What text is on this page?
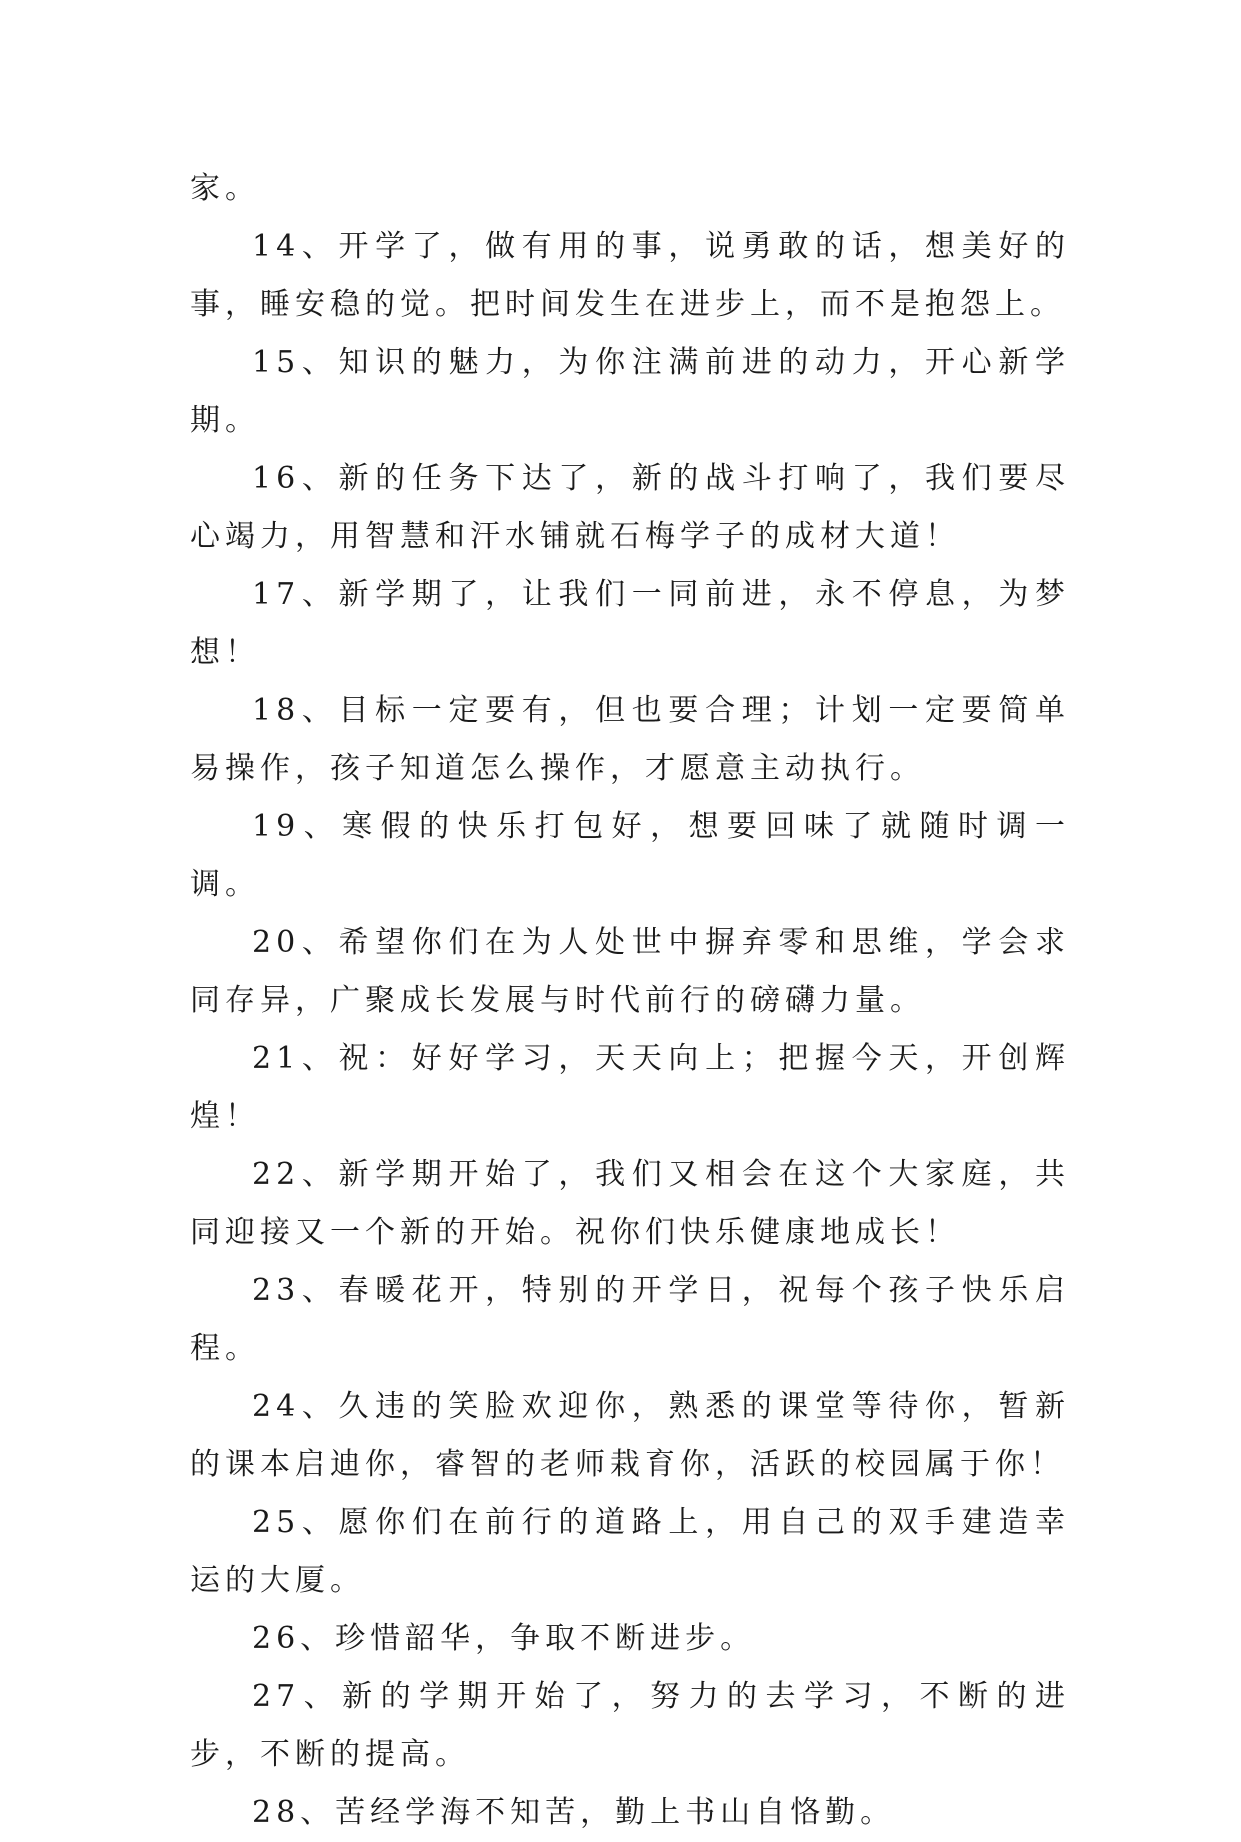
家。

14、开学了，做有用的事，说勇敢的话，想美好的事，睡安稳的觉。把时间发生在进步上，而不是抱怨上。

15、知识的魅力，为你注满前进的动力，开心新学期。

16、新的任务下达了，新的战斗打响了，我们要尽心竭力，用智慧和汗水铺就石梅学子的成材大道！

17、新学期了，让我们一同前进，永不停息，为梦想！

18、目标一定要有，但也要合理；计划一定要简单易操作，孩子知道怎么操作，才愿意主动执行。

19、寒假的快乐打包好，想要回味了就随时调一调。

20、希望你们在为人处世中摒弃零和思维，学会求同存异，广聚成长发展与时代前行的磅礴力量。

21、祝：好好学习，天天向上；把握今天，开创辉煌！

22、新学期开始了，我们又相会在这个大家庭，共同迎接又一个新的开始。祝你们快乐健康地成长！

23、春暖花开，特别的开学日，祝每个孩子快乐启程。

24、久违的笑脸欢迎你，熟悉的课堂等待你，暂新的课本启迪你，睿智的老师栽育你，活跃的校园属于你！

25、愿你们在前行的道路上，用自己的双手建造幸运的大厦。

26、珍惜韶华，争取不断进步。

27、新的学期开始了，努力的去学习，不断的进步，不断的提高。

28、苦经学海不知苦，勤上书山自恪勤。
